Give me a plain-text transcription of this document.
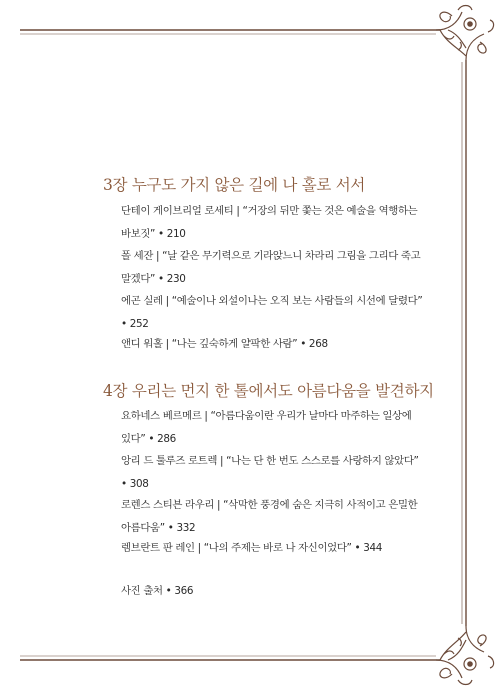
3장 누구도 가지 않은 길에 나 홀로 서서
단테이 게이브리얼 로세티 | “거장의 뒤만 쫓는 것은 예술을 역행하는
바보짓” • 210
폴 세잔 | “날 같은 무기력으로 기라앉느니 차라리 그림을 그리다 죽고
말겠다” • 230
에곤 실레 | “예술이나 외설이나는 오직 보는 사람들의 시선에 달렸다”
• 252
앤디 워홀 | “나는 깊숙하게 얄팍한 사람” • 268
4장 우리는 먼지 한 톨에서도 아름다움을 발견하지
요하네스 베르메르 | “아름다움이란 우리가 날마다 마주하는 일상에
있다” • 286
앙리 드 툴루즈 로트렉 | “나는 단 한 번도 스스로를 사랑하지 않았다”
• 308
로렌스 스티븐 라우리 | “삭막한 풍경에 숨은 지극히 사적이고 은밀한
아름다움” • 332
렘브란트 판 레인 | “나의 주제는 바로 나 자신이었다” • 344
사진 출처 • 366
